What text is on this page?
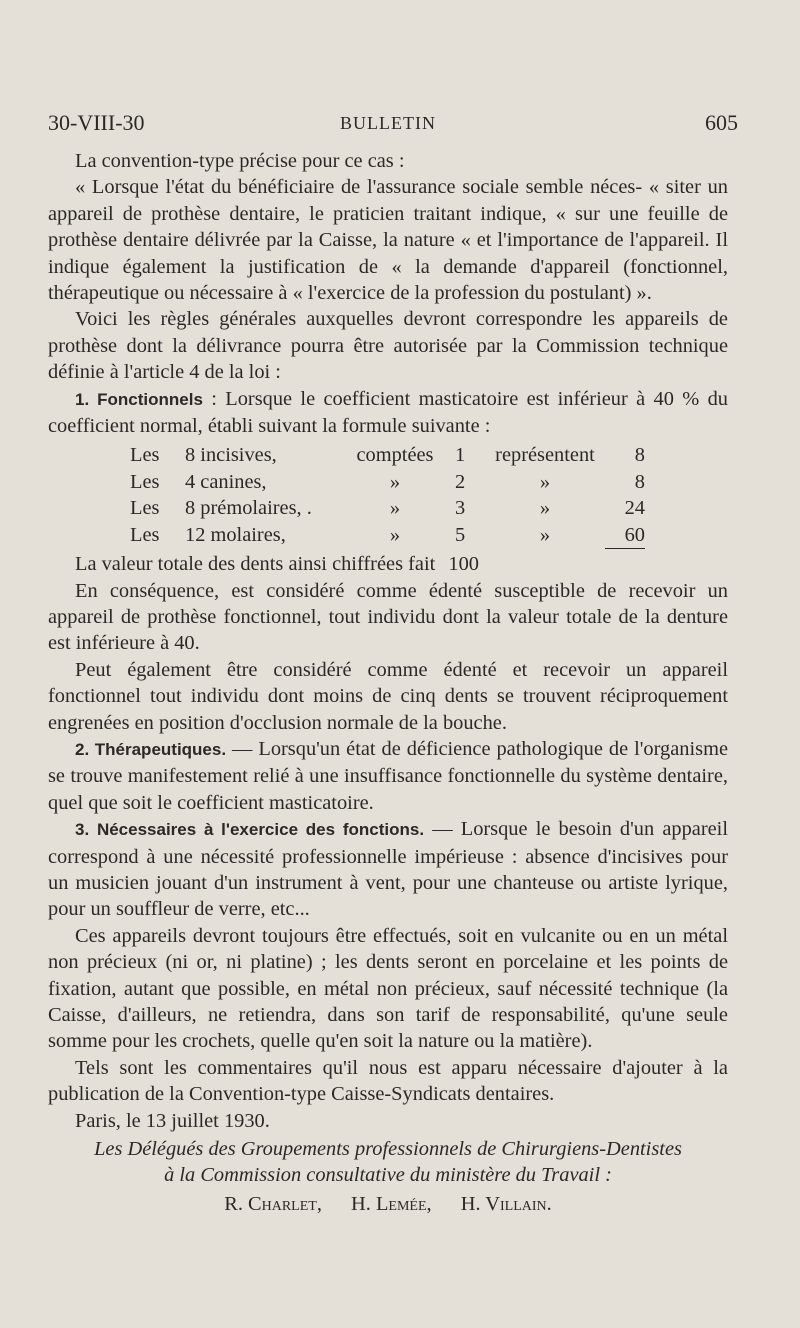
30-VIII-30	BULLETIN	605

La convention-type précise pour ce cas :

« Lorsque l'état du bénéficiaire de l'assurance sociale semble néces- « siter un appareil de prothèse dentaire, le praticien traitant indique, « sur une feuille de prothèse dentaire délivrée par la Caisse, la nature « et l'importance de l'appareil. Il indique également la justification de « la demande d'appareil (fonctionnel, thérapeutique ou nécessaire à « l'exercice de la profession du postulant) ».

Voici les règles générales auxquelles devront correspondre les appareils de prothèse dont la délivrance pourra être autorisée par la Commission technique définie à l'article 4 de la loi :

1. Fonctionnels : Lorsque le coefficient masticatoire est inférieur à 40 % du coefficient normal, établi suivant la formule suivante :

Les	8 incisives,	comptées	1	représentent	8
Les	4 canines,	»	2	»	8
Les	8 prémolaires, .	»	3	»	24
Les	12 molaires,	»	5	»	60

La valeur totale des dents ainsi chiffrées fait 100

En conséquence, est considéré comme édenté susceptible de recevoir un appareil de prothèse fonctionnel, tout individu dont la valeur totale de la denture est inférieure à 40.

Peut également être considéré comme édenté et recevoir un appareil fonctionnel tout individu dont moins de cinq dents se trouvent réciproquement engrenées en position d'occlusion normale de la bouche.

2. Thérapeutiques. — Lorsqu'un état de déficience pathologique de l'organisme se trouve manifestement relié à une insuffisance fonctionnelle du système dentaire, quel que soit le coefficient masticatoire.

3. Nécessaires à l'exercice des fonctions. — Lorsque le besoin d'un appareil correspond à une nécessité professionnelle impérieuse : absence d'incisives pour un musicien jouant d'un instrument à vent, pour une chanteuse ou artiste lyrique, pour un souffleur de verre, etc...

Ces appareils devront toujours être effectués, soit en vulcanite ou en un métal non précieux (ni or, ni platine) ; les dents seront en porcelaine et les points de fixation, autant que possible, en métal non précieux, sauf nécessité technique (la Caisse, d'ailleurs, ne retiendra, dans son tarif de responsabilité, qu'une seule somme pour les crochets, quelle qu'en soit la nature ou la matière).

Tels sont les commentaires qu'il nous est apparu nécessaire d'ajouter à la publication de la Convention-type Caisse-Syndicats dentaires.

Paris, le 13 juillet 1930.

Les Délégués des Groupements professionnels de Chirurgiens-Dentistes

à la Commission consultative du ministère du Travail :

R. Charlet, H. Lemée, H. Villain.
